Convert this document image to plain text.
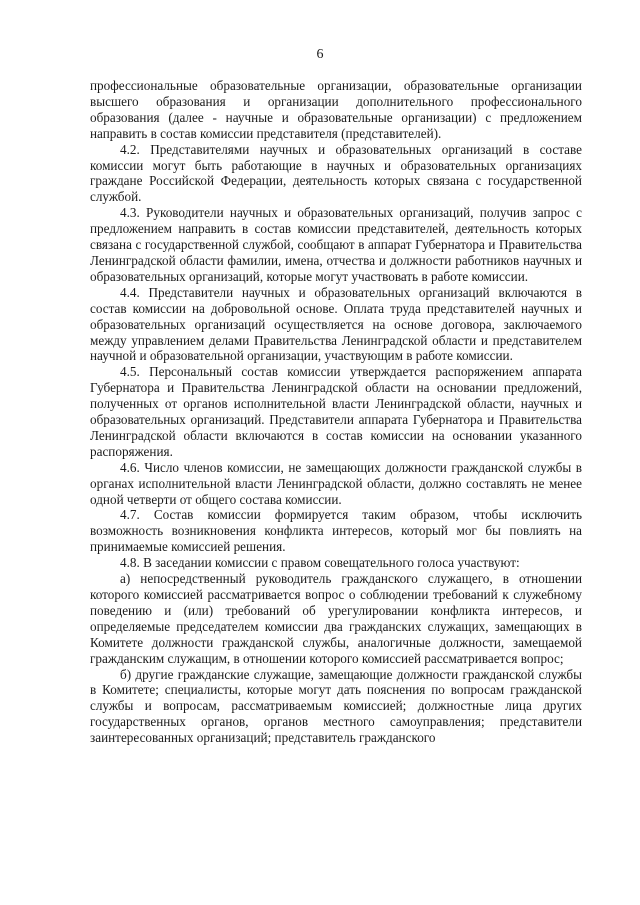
6

профессиональные образовательные организации, образовательные организации высшего образования и организации дополнительного профессионального образования (далее - научные и образовательные организации) с предложением направить в состав комиссии представителя (представителей).

4.2. Представителями научных и образовательных организаций в составе комиссии могут быть работающие в научных и образовательных организациях граждане Российской Федерации, деятельность которых связана с государственной службой.

4.3. Руководители научных и образовательных организаций, получив запрос с предложением направить в состав комиссии представителей, деятельность которых связана с государственной службой, сообщают в аппарат Губернатора и Правительства Ленинградской области фамилии, имена, отчества и должности работников научных и образовательных организаций, которые могут участвовать в работе комиссии.

4.4. Представители научных и образовательных организаций включаются в состав комиссии на добровольной основе. Оплата труда представителей научных и образовательных организаций осуществляется на основе договора, заключаемого между управлением делами Правительства Ленинградской области и представителем научной и образовательной организации, участвующим в работе комиссии.

4.5. Персональный состав комиссии утверждается распоряжением аппарата Губернатора и Правительства Ленинградской области на основании предложений, полученных от органов исполнительной власти Ленинградской области, научных и образовательных организаций. Представители аппарата Губернатора и Правительства Ленинградской области включаются в состав комиссии на основании указанного распоряжения.

4.6. Число членов комиссии, не замещающих должности гражданской службы в органах исполнительной власти Ленинградской области, должно составлять не менее одной четверти от общего состава комиссии.

4.7. Состав комиссии формируется таким образом, чтобы исключить возможность возникновения конфликта интересов, который мог бы повлиять на принимаемые комиссией решения.

4.8. В заседании комиссии с правом совещательного голоса участвуют:

а) непосредственный руководитель гражданского служащего, в отношении которого комиссией рассматривается вопрос о соблюдении требований к служебному поведению и (или) требований об урегулировании конфликта интересов, и определяемые председателем комиссии два гражданских служащих, замещающих в Комитете должности гражданской службы, аналогичные должности, замещаемой гражданским служащим, в отношении которого комиссией рассматривается вопрос;

б) другие гражданские служащие, замещающие должности гражданской службы в Комитете; специалисты, которые могут дать пояснения по вопросам гражданской службы и вопросам, рассматриваемым комиссией; должностные лица других государственных органов, органов местного самоуправления; представители заинтересованных организаций; представитель гражданского
